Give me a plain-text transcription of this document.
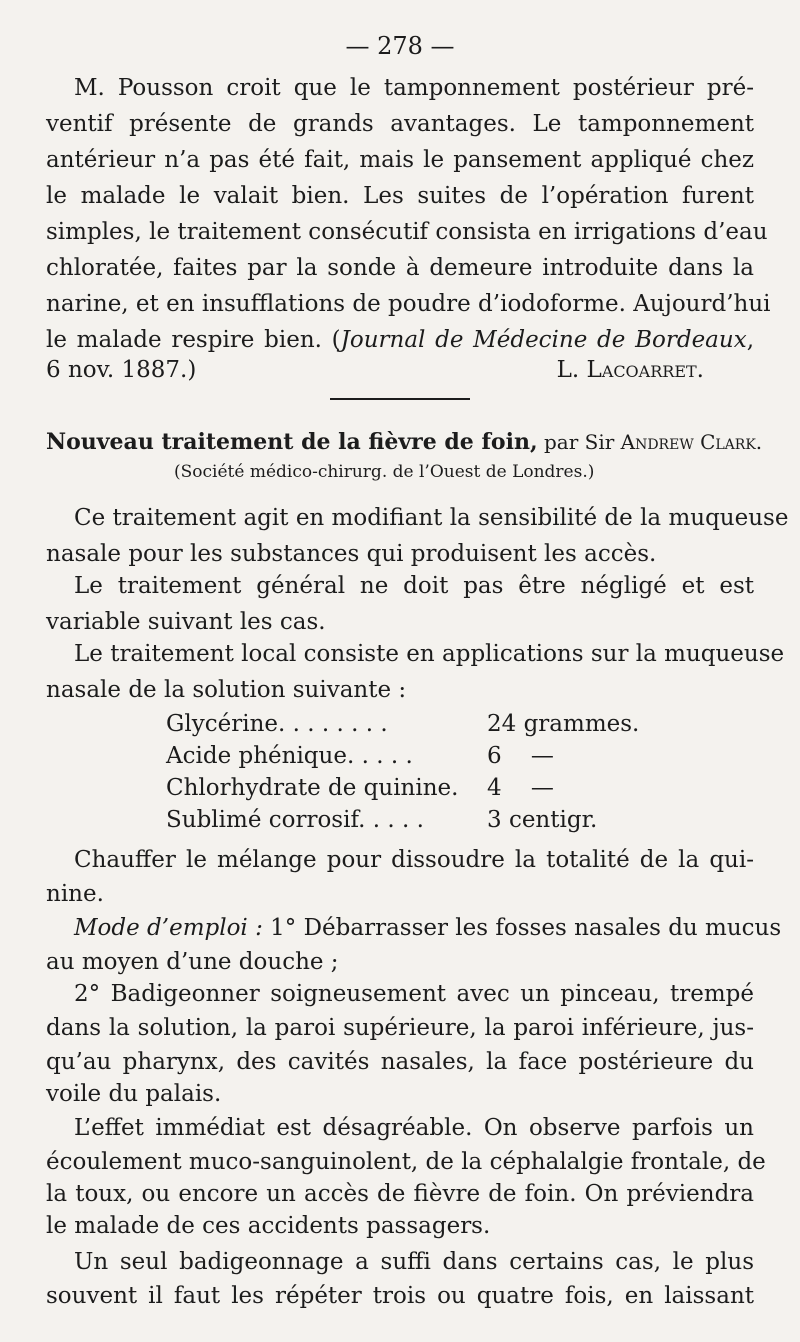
— 278 —
M. Pousson croit que le tamponnement postérieur pré-
ventif présente de grands avantages. Le tamponnement
antérieur n’a pas été fait, mais le pansement appliqué chez
le malade le valait bien. Les suites de l’opération furent
simples, le traitement consécutif consista en irrigations d’eau
chloratée, faites par la sonde à demeure introduite dans la
narine, et en insufflations de poudre d’iodoforme. Aujourd’hui
le malade respire bien. (Journal de Médecine de Bordeaux,
6 nov. 1887.)	L. Lacoarret.
Nouveau traitement de la fièvre de foin, par Sir Andrew Clark.
(Société médico-chirurg. de l’Ouest de Londres.)
Ce traitement agit en modifiant la sensibilité de la muqueuse
nasale pour les substances qui produisent les accès.
Le traitement général ne doit pas être négligé et est
variable suivant les cas.
Le traitement local consiste en applications sur la muqueuse
nasale de la solution suivante :
Glycérine. . . . . . . .	24 grammes.
Acide phénique. . . . .	6    —
Chlorhydrate de quinine. 4    —
Sublimé corrosif. . . . .	3 centigr.
Chauffer le mélange pour dissoudre la totalité de la qui-
nine.
Mode d’emploi : 1° Débarrasser les fosses nasales du mucus
au moyen d’une douche ;
2° Badigeonner soigneusement avec un pinceau, trempé
dans la solution, la paroi supérieure, la paroi inférieure, jus-
qu’au pharynx, des cavités nasales, la face postérieure du
voile du palais.
L’effet immédiat est désagréable. On observe parfois un
écoulement muco-sanguinolent, de la céphalalgie frontale, de
la toux, ou encore un accès de fièvre de foin. On préviendra
le malade de ces accidents passagers.
Un seul badigeonnage a suffi dans certains cas, le plus
souvent il faut les répéter trois ou quatre fois, en laissant
